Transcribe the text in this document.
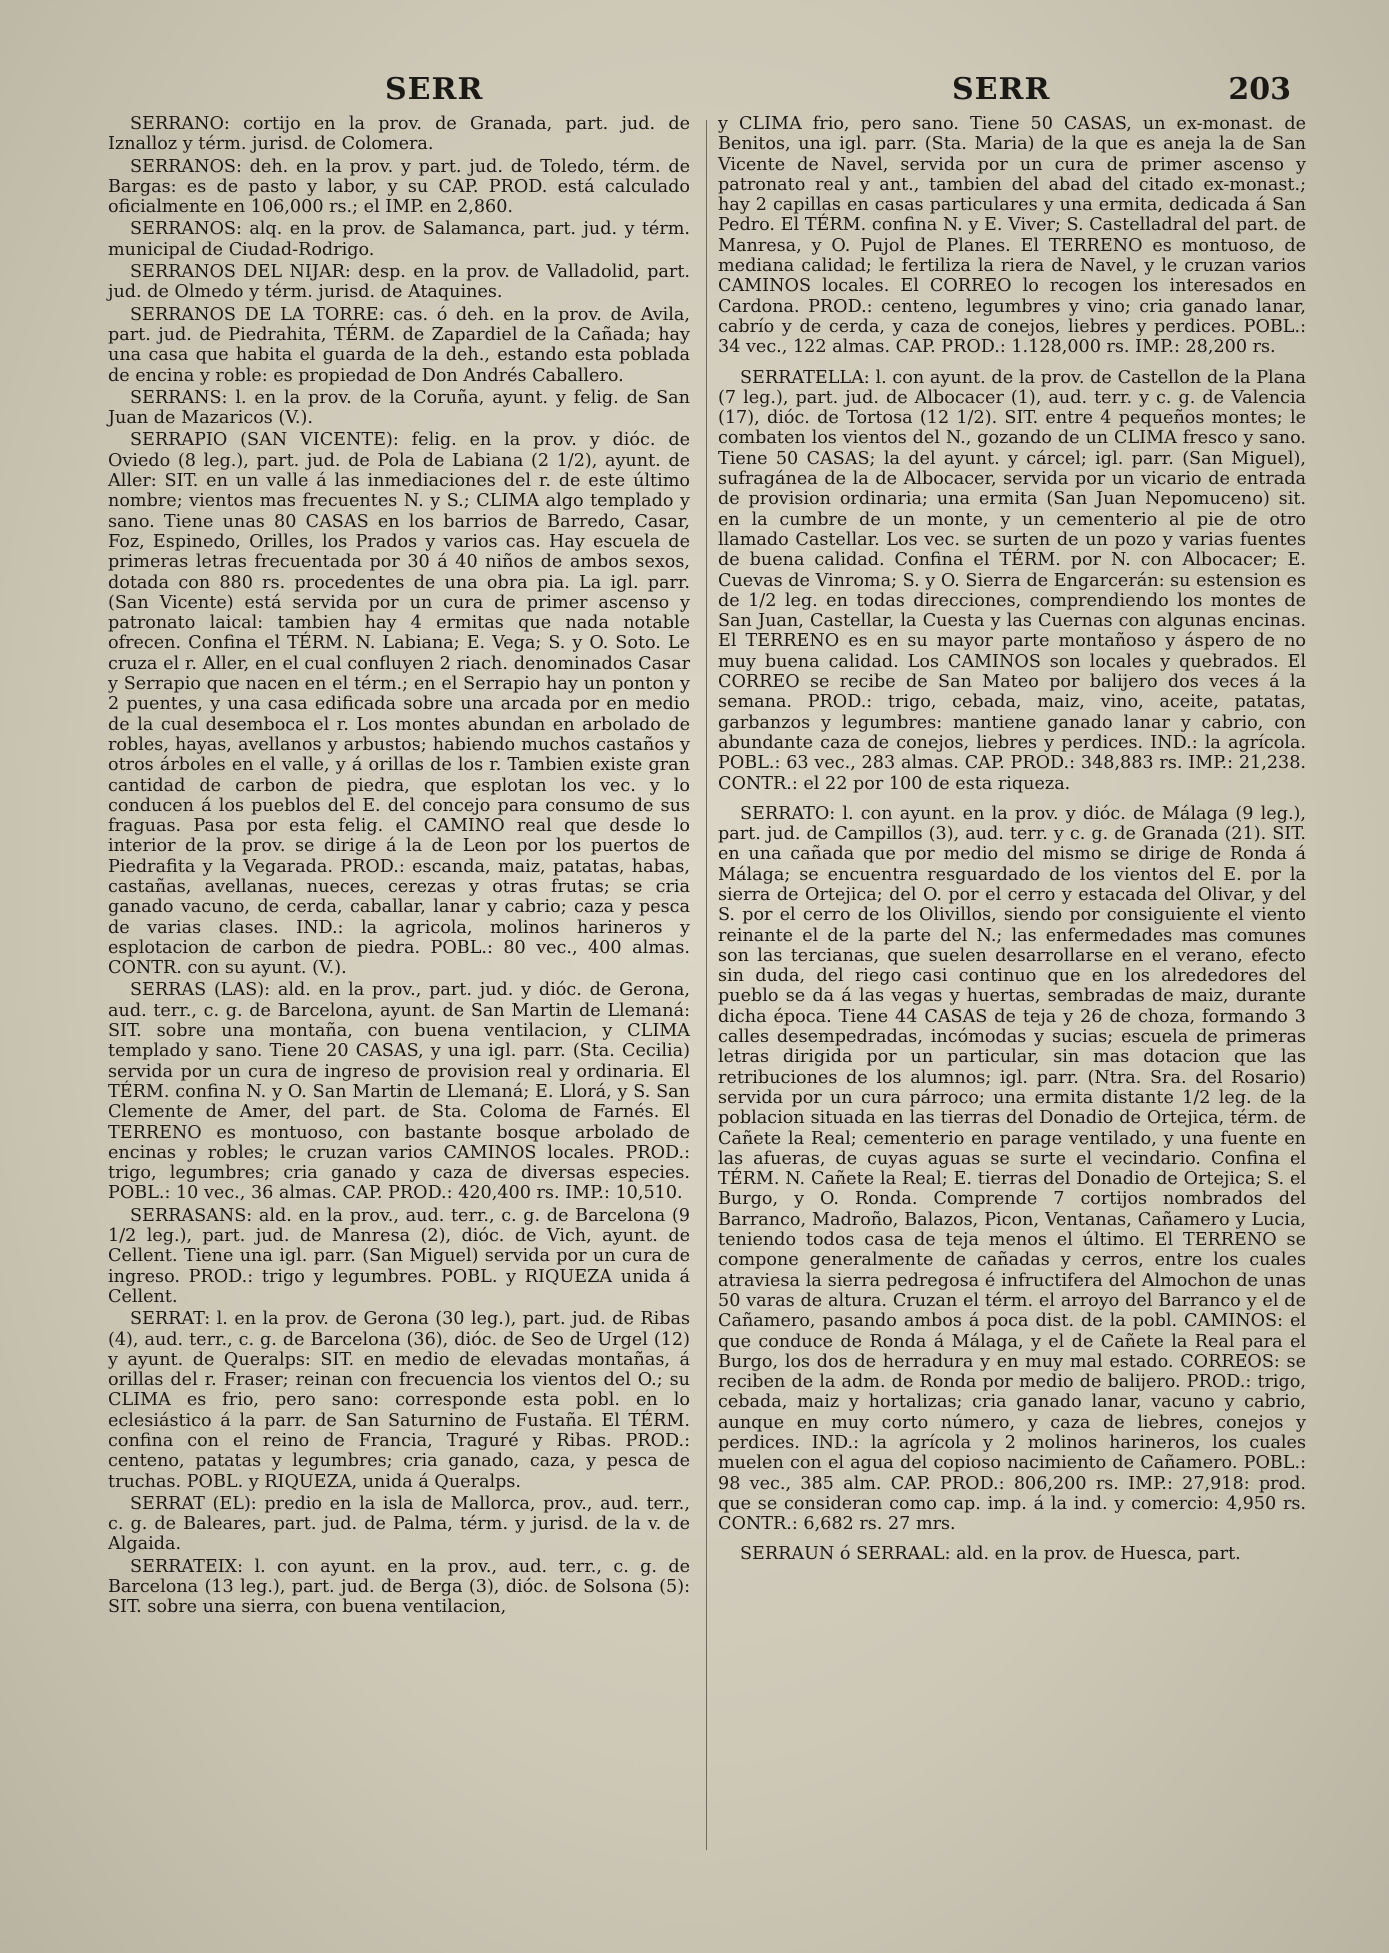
SERR	SERR	203

SERRANO: cortijo en la prov. de Granada, part. jud. de Iznalloz y térm. jurisd. de Colomera.

SERRANOS: deh. en la prov. y part. jud. de Toledo, térm. de Bargas: es de pasto y labor, y su CAP. PROD. está calculado oficialmente en 106,000 rs.; el IMP. en 2,860.

SERRANOS: alq. en la prov. de Salamanca, part. jud. y térm. municipal de Ciudad-Rodrigo.

SERRANOS DEL NIJAR: desp. en la prov. de Valladolid, part. jud. de Olmedo y térm. jurisd. de Ataquines.

SERRANOS DE LA TORRE: cas. ó deh. en la prov. de Avila, part. jud. de Piedrahita, TÉRM. de Zapardiel de la Cañada; hay una casa que habita el guarda de la deh., estando esta poblada de encina y roble: es propiedad de Don Andrés Caballero.

SERRANS: l. en la prov. de la Coruña, ayunt. y felig. de San Juan de Mazaricos (V.).

SERRAPIO (SAN VICENTE): felig. en la prov. y dióc. de Oviedo (8 leg.), part. jud. de Pola de Labiana (2 1/2), ayunt. de Aller: SIT. en un valle á las inmediaciones del r. de este último nombre; vientos mas frecuentes N. y S.; CLIMA algo templado y sano. Tiene unas 80 CASAS en los barrios de Barredo, Casar, Foz, Espinedo, Orilles, los Prados y varios cas. Hay escuela de primeras letras frecuentada por 30 á 40 niños de ambos sexos, dotada con 880 rs. procedentes de una obra pia. La igl. parr. (San Vicente) está servida por un cura de primer ascenso y patronato laical: tambien hay 4 ermitas que nada notable ofrecen. Confina el TÉRM. N. Labiana; E. Vega; S. y O. Soto. Le cruza el r. Aller, en el cual confluyen 2 riach. denominados Casar y Serrapio que nacen en el térm.; en el Serrapio hay un ponton y 2 puentes, y una casa edificada sobre una arcada por en medio de la cual desemboca el r. Los montes abundan en arbolado de robles, hayas, avellanos y arbustos; habiendo muchos castaños y otros árboles en el valle, y á orillas de los r. Tambien existe gran cantidad de carbon de piedra, que esplotan los vec. y lo conducen á los pueblos del E. del concejo para consumo de sus fraguas. Pasa por esta felig. el CAMINO real que desde lo interior de la prov. se dirige á la de Leon por los puertos de Piedrafita y la Vegarada. PROD.: escanda, maiz, patatas, habas, castañas, avellanas, nueces, cerezas y otras frutas; se cria ganado vacuno, de cerda, caballar, lanar y cabrio; caza y pesca de varias clases. IND.: la agricola, molinos harineros y esplotacion de carbon de piedra. POBL.: 80 vec., 400 almas. CONTR. con su ayunt. (V.).

SERRAS (LAS): ald. en la prov., part. jud. y dióc. de Gerona, aud. terr., c. g. de Barcelona, ayunt. de San Martin de Llemaná: SIT. sobre una montaña, con buena ventilacion, y CLIMA templado y sano. Tiene 20 CASAS, y una igl. parr. (Sta. Cecilia) servida por un cura de ingreso de provision real y ordinaria. El TÉRM. confina N. y O. San Martin de Llemaná; E. Llorá, y S. San Clemente de Amer, del part. de Sta. Coloma de Farnés. El TERRENO es montuoso, con bastante bosque arbolado de encinas y robles; le cruzan varios CAMINOS locales. PROD.: trigo, legumbres; cria ganado y caza de diversas especies. POBL.: 10 vec., 36 almas. CAP. PROD.: 420,400 rs. IMP.: 10,510.

SERRASANS: ald. en la prov., aud. terr., c. g. de Barcelona (9 1/2 leg.), part. jud. de Manresa (2), dióc. de Vich, ayunt. de Cellent. Tiene una igl. parr. (San Miguel) servida por un cura de ingreso. PROD.: trigo y legumbres. POBL. y RIQUEZA unida á Cellent.

SERRAT: l. en la prov. de Gerona (30 leg.), part. jud. de Ribas (4), aud. terr., c. g. de Barcelona (36), dióc. de Seo de Urgel (12) y ayunt. de Queralps: SIT. en medio de elevadas montañas, á orillas del r. Fraser; reinan con frecuencia los vientos del O.; su CLIMA es frio, pero sano: corresponde esta pobl. en lo eclesiástico á la parr. de San Saturnino de Fustaña. El TÉRM. confina con el reino de Francia, Traguré y Ribas. PROD.: centeno, patatas y legumbres; cria ganado, caza, y pesca de truchas. POBL. y RIQUEZA, unida á Queralps.

SERRAT (EL): predio en la isla de Mallorca, prov., aud. terr., c. g. de Baleares, part. jud. de Palma, térm. y jurisd. de la v. de Algaida.

SERRATEIX: l. con ayunt. en la prov., aud. terr., c. g. de Barcelona (13 leg.), part. jud. de Berga (3), dióc. de Solsona (5): SIT. sobre una sierra, con buena ventilacion,

y CLIMA frio, pero sano. Tiene 50 CASAS, un ex-monast. de Benitos, una igl. parr. (Sta. Maria) de la que es aneja la de San Vicente de Navel, servida por un cura de primer ascenso y patronato real y ant., tambien del abad del citado ex-monast.; hay 2 capillas en casas particulares y una ermita, dedicada á San Pedro. El TÉRM. confina N. y E. Viver; S. Castelladral del part. de Manresa, y O. Pujol de Planes. El TERRENO es montuoso, de mediana calidad; le fertiliza la riera de Navel, y le cruzan varios CAMINOS locales. El CORREO lo recogen los interesados en Cardona. PROD.: centeno, legumbres y vino; cria ganado lanar, cabrío y de cerda, y caza de conejos, liebres y perdices. POBL.: 34 vec., 122 almas. CAP. PROD.: 1.128,000 rs. IMP.: 28,200 rs.

SERRATELLA: l. con ayunt. de la prov. de Castellon de la Plana (7 leg.), part. jud. de Albocacer (1), aud. terr. y c. g. de Valencia (17), dióc. de Tortosa (12 1/2). SIT. entre 4 pequeños montes; le combaten los vientos del N., gozando de un CLIMA fresco y sano. Tiene 50 CASAS; la del ayunt. y cárcel; igl. parr. (San Miguel), sufragánea de la de Albocacer, servida por un vicario de entrada de provision ordinaria; una ermita (San Juan Nepomuceno) sit. en la cumbre de un monte, y un cementerio al pie de otro llamado Castellar. Los vec. se surten de un pozo y varias fuentes de buena calidad. Confina el TÉRM. por N. con Albocacer; E. Cuevas de Vinroma; S. y O. Sierra de Engarcerán: su estension es de 1/2 leg. en todas direcciones, comprendiendo los montes de San Juan, Castellar, la Cuesta y las Cuernas con algunas encinas. El TERRENO es en su mayor parte montañoso y áspero de no muy buena calidad. Los CAMINOS son locales y quebrados. El CORREO se recibe de San Mateo por balijero dos veces á la semana. PROD.: trigo, cebada, maiz, vino, aceite, patatas, garbanzos y legumbres: mantiene ganado lanar y cabrio, con abundante caza de conejos, liebres y perdices. IND.: la agrícola. POBL.: 63 vec., 283 almas. CAP. PROD.: 348,883 rs. IMP.: 21,238. CONTR.: el 22 por 100 de esta riqueza.

SERRATO: l. con ayunt. en la prov. y dióc. de Málaga (9 leg.), part. jud. de Campillos (3), aud. terr. y c. g. de Granada (21). SIT. en una cañada que por medio del mismo se dirige de Ronda á Málaga; se encuentra resguardado de los vientos del E. por la sierra de Ortejica; del O. por el cerro y estacada del Olivar, y del S. por el cerro de los Olivillos, siendo por consiguiente el viento reinante el de la parte del N.; las enfermedades mas comunes son las tercianas, que suelen desarrollarse en el verano, efecto sin duda, del riego casi continuo que en los alrededores del pueblo se da á las vegas y huertas, sembradas de maiz, durante dicha época. Tiene 44 CASAS de teja y 26 de choza, formando 3 calles desempedradas, incómodas y sucias; escuela de primeras letras dirigida por un particular, sin mas dotacion que las retribuciones de los alumnos; igl. parr. (Ntra. Sra. del Rosario) servida por un cura párroco; una ermita distante 1/2 leg. de la poblacion situada en las tierras del Donadio de Ortejica, térm. de Cañete la Real; cementerio en parage ventilado, y una fuente en las afueras, de cuyas aguas se surte el vecindario. Confina el TÉRM. N. Cañete la Real; E. tierras del Donadio de Ortejica; S. el Burgo, y O. Ronda. Comprende 7 cortijos nombrados del Barranco, Madroño, Balazos, Picon, Ventanas, Cañamero y Lucia, teniendo todos casa de teja menos el último. El TERRENO se compone generalmente de cañadas y cerros, entre los cuales atraviesa la sierra pedregosa é infructifera del Almochon de unas 50 varas de altura. Cruzan el térm. el arroyo del Barranco y el de Cañamero, pasando ambos á poca dist. de la pobl. CAMINOS: el que conduce de Ronda á Málaga, y el de Cañete la Real para el Burgo, los dos de herradura y en muy mal estado. CORREOS: se reciben de la adm. de Ronda por medio de balijero. PROD.: trigo, cebada, maiz y hortalizas; cria ganado lanar, vacuno y cabrio, aunque en muy corto número, y caza de liebres, conejos y perdices. IND.: la agrícola y 2 molinos harineros, los cuales muelen con el agua del copioso nacimiento de Cañamero. POBL.: 98 vec., 385 alm. CAP. PROD.: 806,200 rs. IMP.: 27,918: prod. que se consideran como cap. imp. á la ind. y comercio: 4,950 rs. CONTR.: 6,682 rs. 27 mrs.

SERRAUN ó SERRAAL: ald. en la prov. de Huesca, part.
